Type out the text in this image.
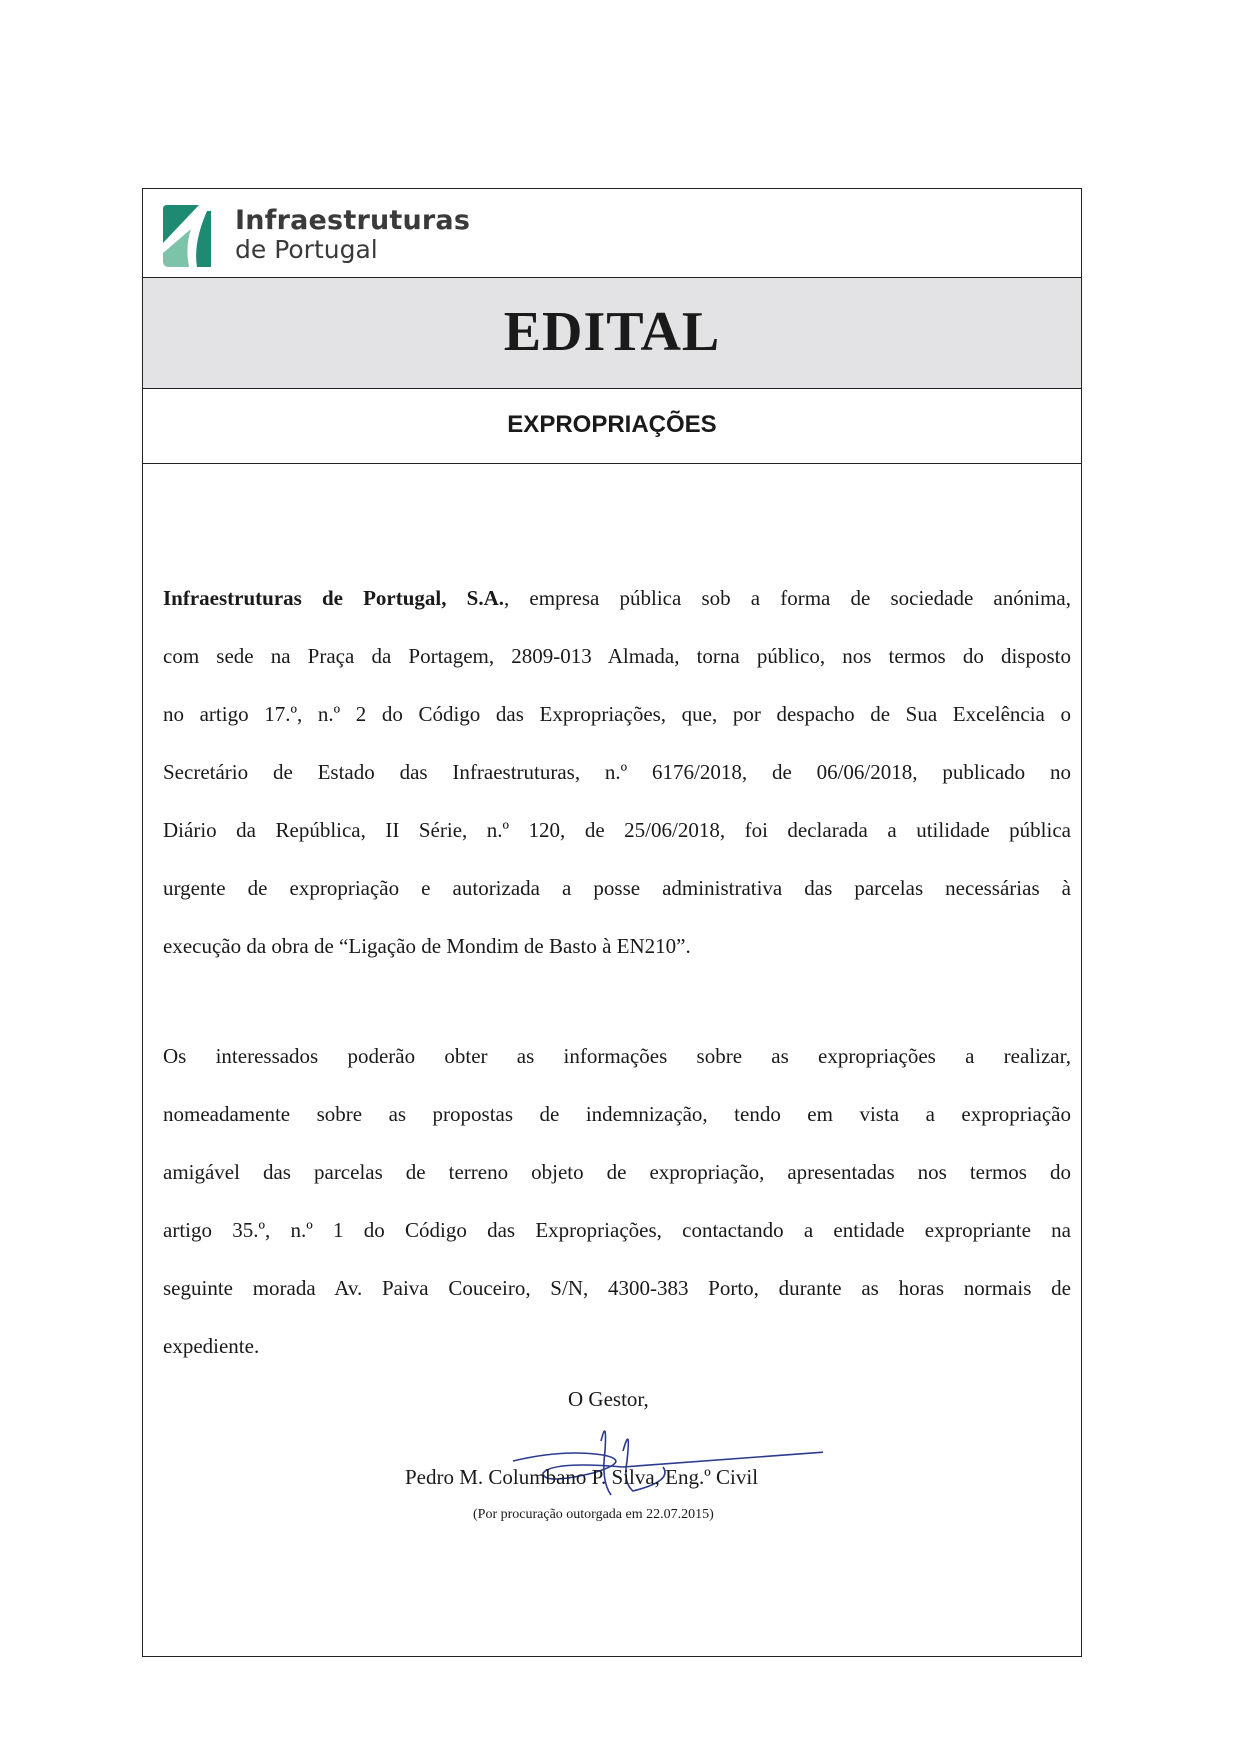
Infraestruturas
de Portugal
EDITAL
EXPROPRIAÇÕES
Infraestruturas de Portugal, S.A., empresa pública sob a forma de sociedade anónima,
com sede na Praça da Portagem, 2809-013 Almada, torna público, nos termos do disposto
no artigo 17.º, n.º 2 do Código das Expropriações, que, por despacho de Sua Excelência o
Secretário de Estado das Infraestruturas, n.º 6176/2018, de 06/06/2018, publicado no
Diário da República, II Série, n.º 120, de 25/06/2018, foi declarada a utilidade pública
urgente de expropriação e autorizada a posse administrativa das parcelas necessárias à
execução da obra de “Ligação de Mondim de Basto à EN210”.
Os interessados poderão obter as informações sobre as expropriações a realizar,
nomeadamente sobre as propostas de indemnização, tendo em vista a expropriação
amigável das parcelas de terreno objeto de expropriação, apresentadas nos termos do
artigo 35.º, n.º 1 do Código das Expropriações, contactando a entidade expropriante na
seguinte morada Av. Paiva Couceiro, S/N, 4300-383 Porto, durante as horas normais de
expediente.
O Gestor,
Pedro M. Columbano P. Silva, Eng.º Civil
(Por procuração outorgada em 22.07.2015)
